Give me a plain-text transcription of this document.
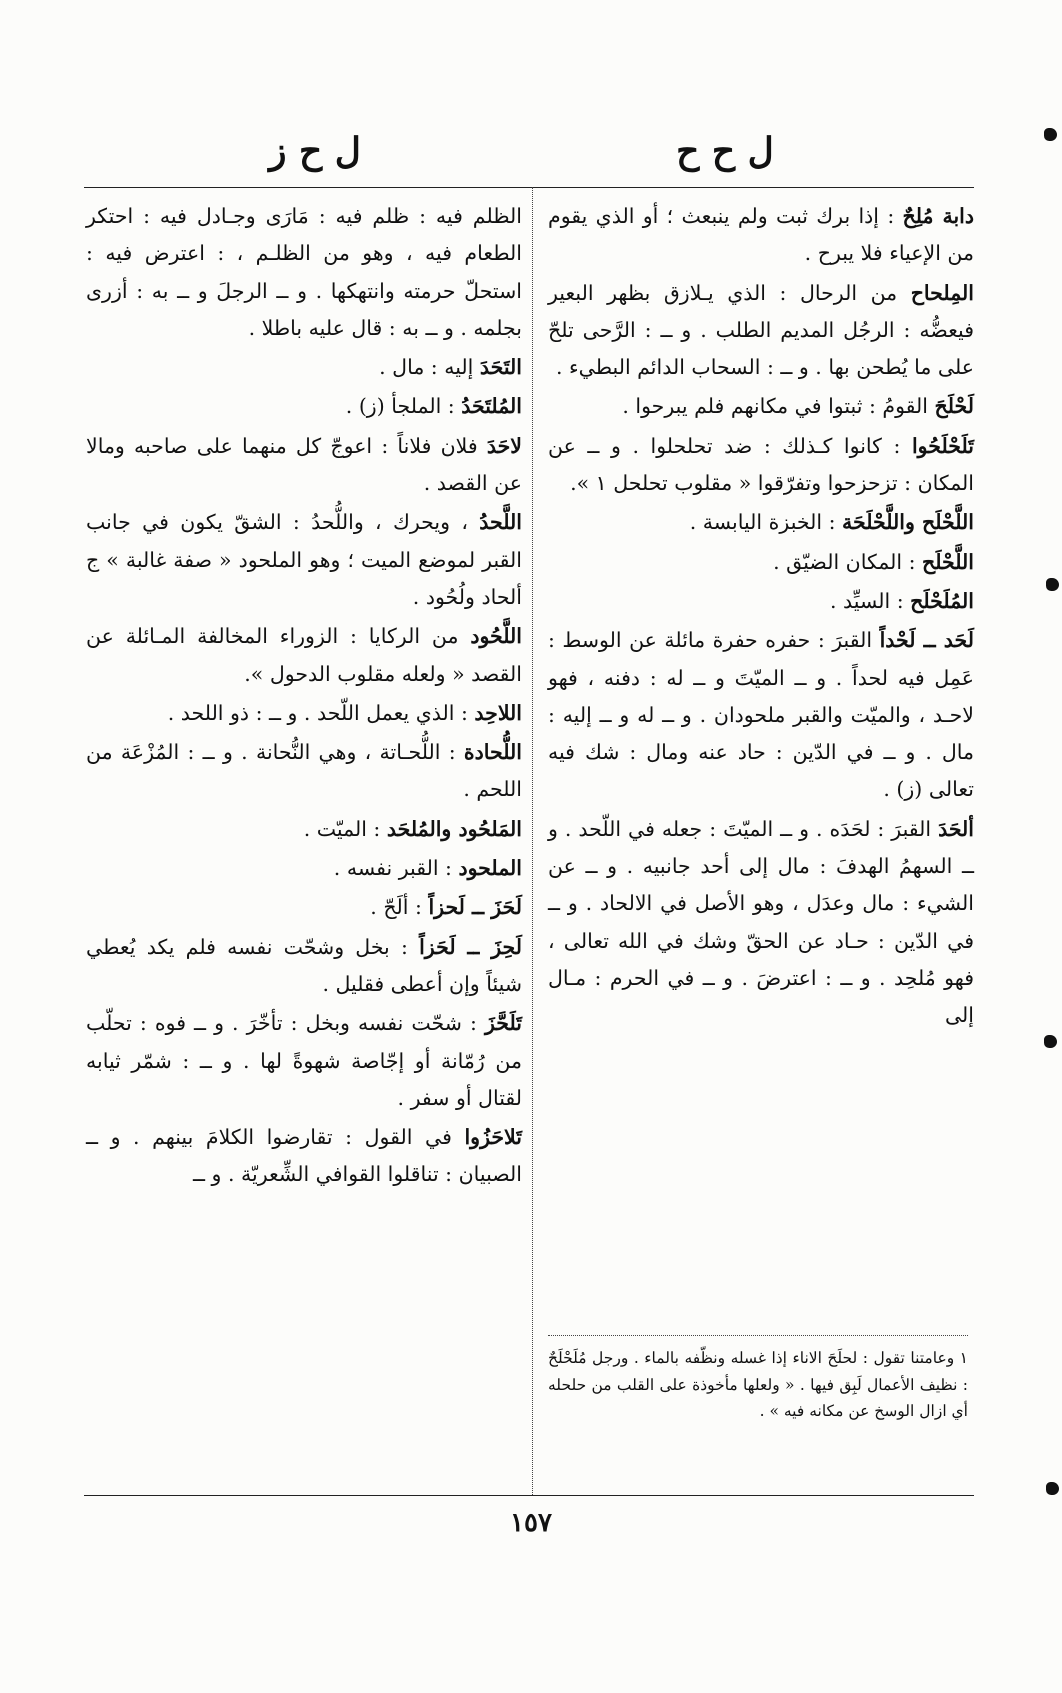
ل ح ح
ل ح ز

دابة مُلِحٌ : إذا برك ثبت ولم ينبعث ؛ أو الذي يقوم من الإعياء فلا يبرح .

المِلحاح من الرحال : الذي يـلازق بظهر البعير فيعضُّه : الرجُل المديم الطلب . و ــ : الرَّحى تلحّ على ما يُطحن بها . و ــ : السحاب الدائم البطيء .

لَحْلَحَ القومُ : ثبتوا في مكانهم فلم يبرحوا .

تَلَحْلَحُوا : كانوا كـذلك : ضد تحلحلوا . و ــ عن المكان : تزحزحوا وتفرّقوا « مقلوب تحلحل ١ ».

اللَّحْلَح واللَّحْلَحَة : الخبزة اليابسة .

اللَّحْلَح : المكان الضيّق .

المُلَحْلَح : السيِّد .

لَحَد ــ لَحْداً القبرَ : حفره حفرة مائلة عن الوسط : عَمِل فيه لحداً . و ــ الميّتَ و ــ له : دفنه ، فهو لاحـد ، والميّت والقبر ملحودان . و ــ له و ــ إليه : مال . و ــ في الدّين : حاد عنه ومال : شك فيه تعالى (ز) .

ألحَدَ القبرَ : لحَدَه . و ــ الميّتَ : جعله في اللّحد . و ــ السهمُ الهدفَ : مال إلى أحد جانبيه . و ــ عن الشيء : مال وعدَل ، وهو الأصل في الالحاد . و ــ في الدّين : حـاد عن الحقّ وشك في الله تعالى ، فهو مُلحِد . و ــ : اعترضَ . و ــ في الحرم : مـال إلى

١ وعامتنا تقول : لحلَحَ الاناء إذا غسله ونظّفه بالماء . ورجل مُلَحْلَحٌ : نظيف الأعمال لَبِق فيها . « ولعلها مأخوذة على القلب من حلحله أي ازال الوسخ عن مكانه فيه » .

الظلم فيه : ظلم فيه : مَارَى وجـادل فيه : احتكر الطعام فيه ، وهو من الظلـم ، : اعترض فيه : استحلّ حرمته وانتهكها . و ــ الرجلَ و ــ به : أزرى بجلمه . و ــ به : قال عليه باطلا .

التَحَدَ إليه : مال .

المُلتَحَدُ : الملجأ (ز) .

لاحَدَ فلان فلاناً : اعوجّ كل منهما على صاحبه ومالا عن القصد .

اللَّحدُ ، ويحرك ، واللُّحدُ : الشقّ يكون في جانب القبر لموضع الميت ؛ وهو الملحود « صفة غالبة » ج ألحاد ولُحُود .

اللَّحُود من الركايا : الزوراء المخالفة المـائلة عن القصد « ولعله مقلوب الدحول ».

اللاحِد : الذي يعمل اللّحد . و ــ : ذو اللحد .

اللُّحادة : اللُّحـاتة ، وهي النُّحانة . و ــ : المُزْعَة من اللحم .

المَلحُود والمُلحَد : الميّت .

الملحود : القبر نفسه .

لَحَزَ ــ لَحزاً : ألَحّ .

لَحِزَ ــ لَحَزاً : بخل وشحّت نفسه فلم يكد يُعطي شيئاً وإن أعطى فقليل .

تَلَحَّزَ : شحّت نفسه وبخل : تأخّرَ . و ــ فوه : تحلّب من رُمّانة أو إجّاصة شهوةً لها . و ــ : شمّر ثيابه لقتال أو سفر .

تَلاحَزُوا في القول : تقارضوا الكلامَ بينهم . و ــ الصبيان : تناقلوا القوافي الشِّعريّة . و ــ

١٥٧
